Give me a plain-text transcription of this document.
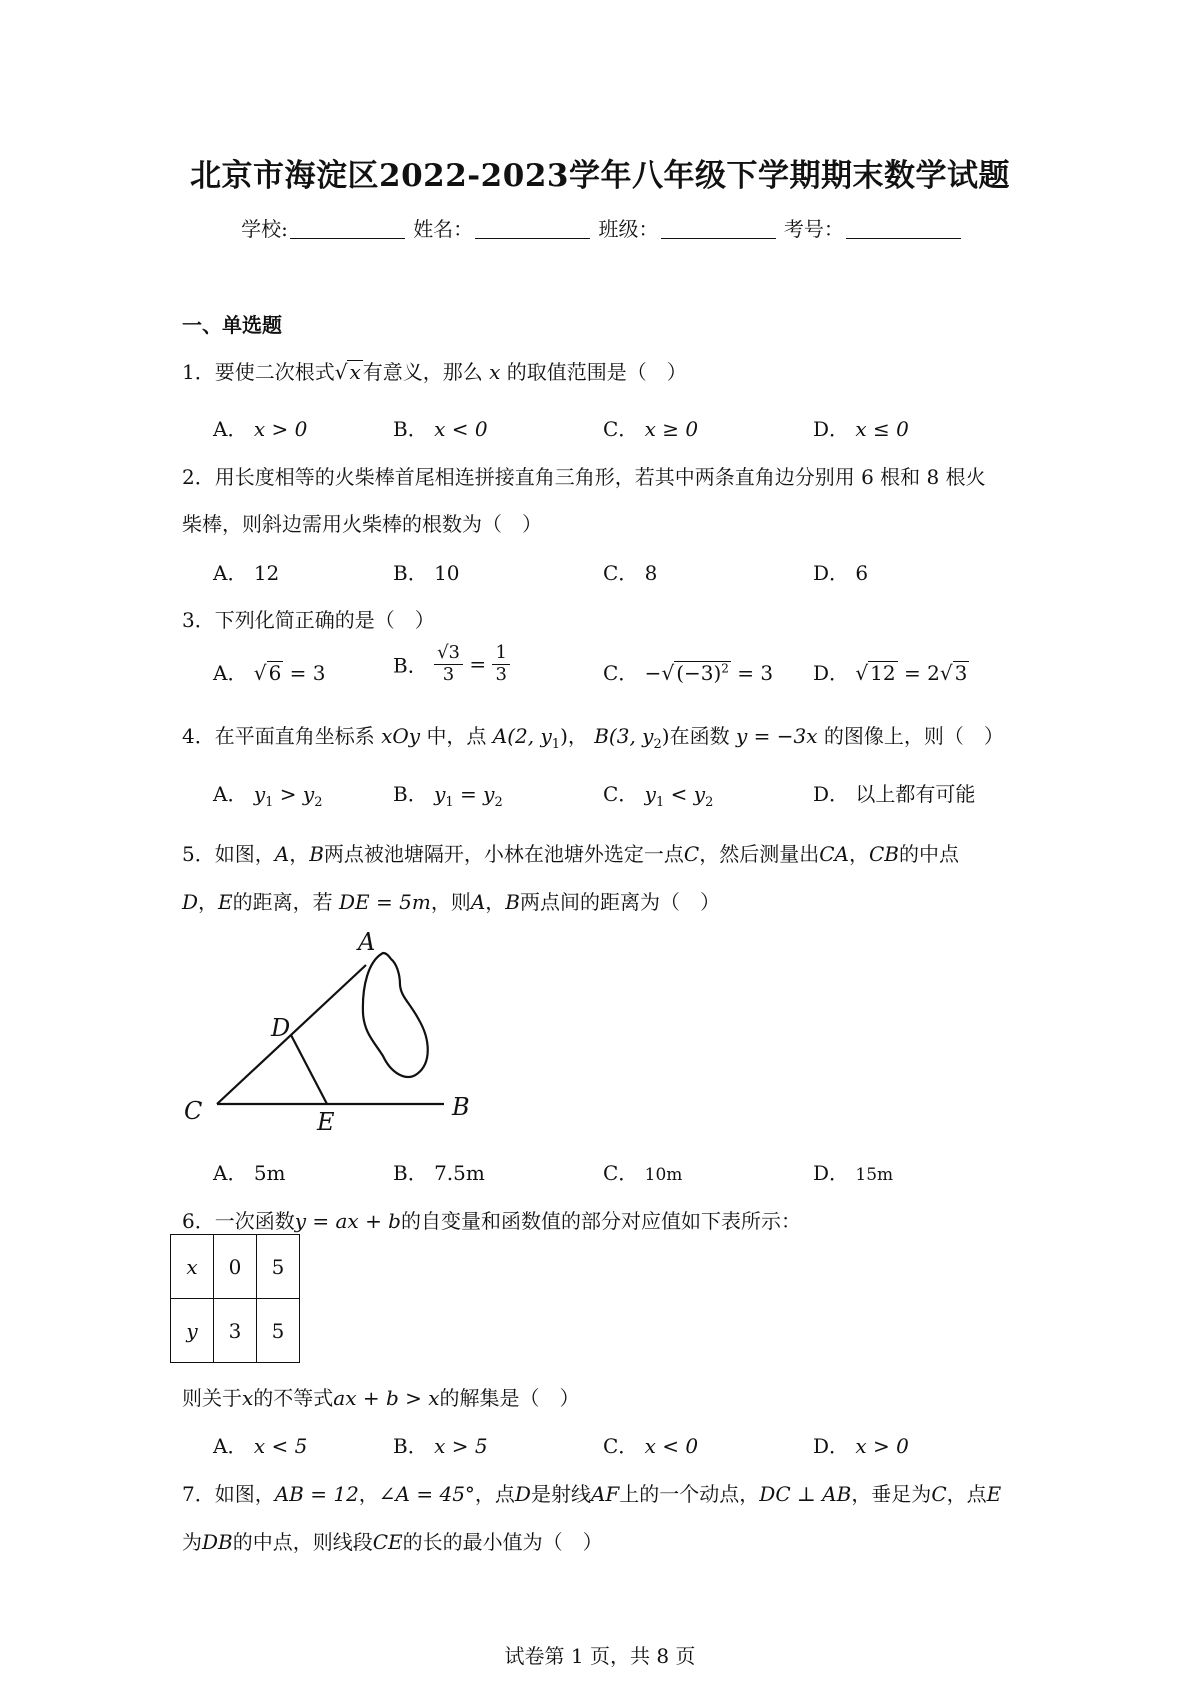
北京市海淀区2022-2023学年八年级下学期期末数学试题
学校:	姓名：	班级：	考号：
一、单选题
1．要使二次根式√ x 有意义，那么 x 的取值范围是（　）
A． x > 0	B． x < 0	C． x ≥ 0	D． x ≤ 0
2．用长度相等的火柴棒首尾相连拼接直角三角形，若其中两条直角边分别用 6 根和 8 根火
柴棒，则斜边需用火柴棒的根数为（　）
A． 12	B． 10	C． 8	D． 6
3．下列化简正确的是（　）
A． √ 6 = 3	B． $\frac{√3}{3} = \frac{1}{3}$	C． −√ $(-3)^2 = 3$ D． √ 12 = 2√ 3
4．在平面直角坐标系 xOy 中，点 A(2, $y_1$)， B(3, $y_2$)在函数 y = −3x 的图像上，则（　）
A． $y_1 > y_2$	B． $y_1 = y_2$	C． $y_1 < y_2$	D． 以上都有可能
5．如图，A，B两点被池塘隔开，小林在池塘外选定一点C，然后测量出CA，CB的中点
D，E的距离，若 DE = 5m，则A，B两点间的距离为（　）
A
D
C	E
B
A． 5m	B． 7.5m	C． 10m	D． 15m
6．一次函数y = ax + b的自变量和函数值的部分对应值如下表所示：
x	0	5
y	3	5
则关于x的不等式ax + b > x的解集是（　）
A． x < 5	B． x > 5	C． x < 0	D． x > 0
7．如图，AB = 12，∠A = 45°，点D是射线AF上的一个动点，DC ⊥ AB，垂足为C，点E
为DB的中点，则线段CE的长的最小值为（　）
试卷第 1 页，共 8 页
